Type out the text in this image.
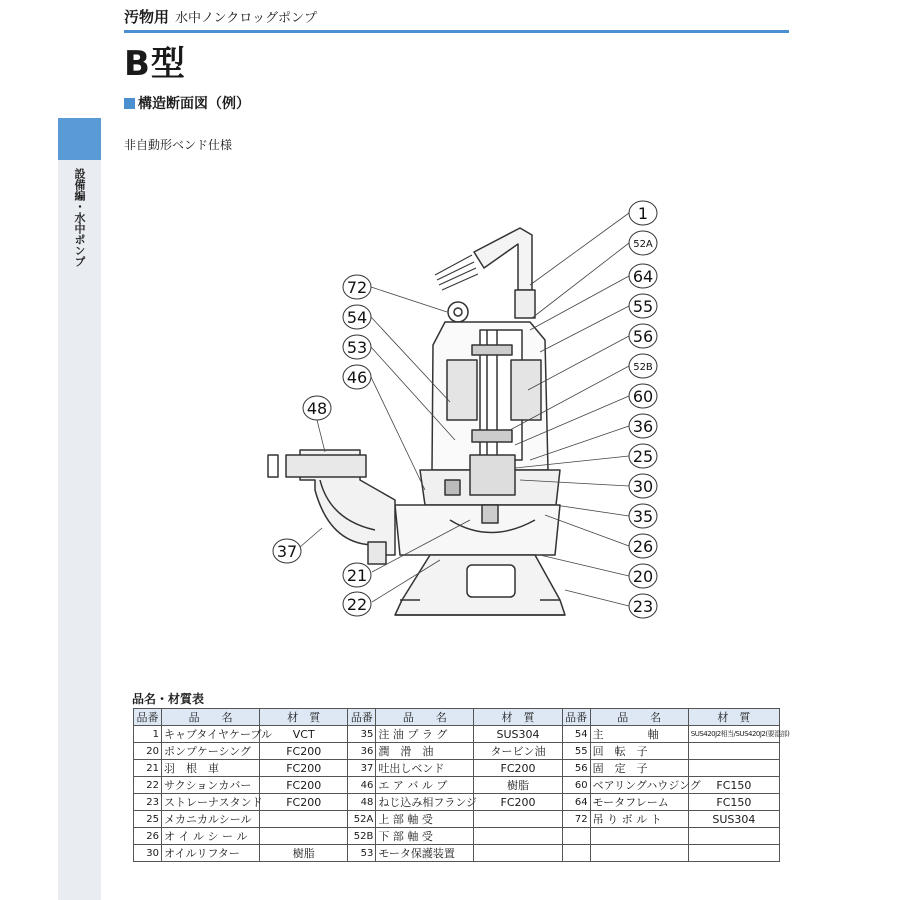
汚物用 水中ノンクロッグポンプ
B型
構造断面図（例）
非自動形ベンド仕様
設備編・水中ポンプ	1
52A
64
55
56
52B
60
36
25
30
35
26
20
23
72
54
53
46
48
37
21
22
品名・材質表
品番	品　　名	材　質	品番	品　　名	材　質	品番	品　　名	材　質
1	キャブタイヤケーブル	VCT	35	注 油 プ ラ グ	SUS304	54	主　　　　軸	SUS420J2相当/SUS420J2(要湿部)
20	ポンプケーシング	FC200	36	潤　滑　油	タービン油	55	回　転　子	
21	羽　根　車	FC200	37	吐出しベンド	FC200	56	固　定　子	
22	サクションカバー	FC200	46	エ ア バ ル ブ	樹脂	60	ベアリングハウジング	FC150
23	ストレーナスタンド	FC200	48	ねじ込み相フランジ	FC200	64	モータフレーム	FC150
25	メカニカルシール		52A	上 部 軸 受		72	吊 り ボ ル ト	SUS304
26	オ イ ル シ ー ル		52B	下 部 軸 受				
30	オイルリフター	樹脂	53	モータ保護装置				
